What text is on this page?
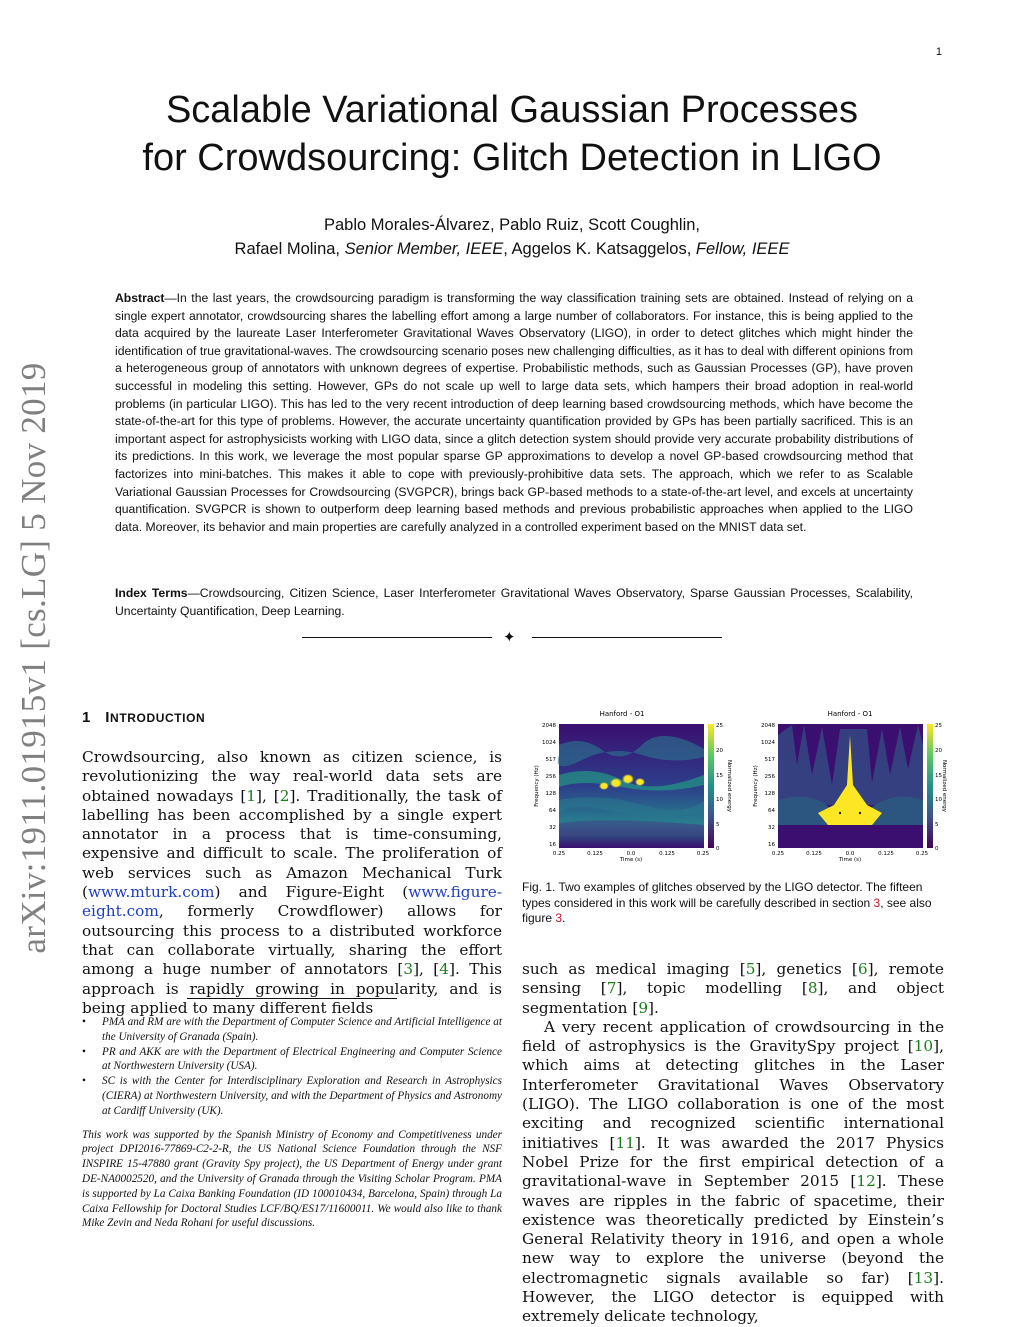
1
arXiv:1911.01915v1 [cs.LG] 5 Nov 2019
Scalable Variational Gaussian Processes
for Crowdsourcing: Glitch Detection in LIGO
Pablo Morales-Álvarez, Pablo Ruiz, Scott Coughlin,
Rafael Molina, Senior Member, IEEE, Aggelos K. Katsaggelos, Fellow, IEEE
Abstract—In the last years, the crowdsourcing paradigm is transforming the way classification training sets are obtained. Instead of relying on a single expert annotator, crowdsourcing shares the labelling effort among a large number of collaborators. For instance, this is being applied to the data acquired by the laureate Laser Interferometer Gravitational Waves Observatory (LIGO), in order to detect glitches which might hinder the identification of true gravitational-waves. The crowdsourcing scenario poses new challenging difficulties, as it has to deal with different opinions from a heterogeneous group of annotators with unknown degrees of expertise. Probabilistic methods, such as Gaussian Processes (GP), have proven successful in modeling this setting. However, GPs do not scale up well to large data sets, which hampers their broad adoption in real-world problems (in particular LIGO). This has led to the very recent introduction of deep learning based crowdsourcing methods, which have become the state-of-the-art for this type of problems. However, the accurate uncertainty quantification provided by GPs has been partially sacrificed. This is an important aspect for astrophysicists working with LIGO data, since a glitch detection system should provide very accurate probability distributions of its predictions. In this work, we leverage the most popular sparse GP approximations to develop a novel GP-based crowdsourcing method that factorizes into mini-batches. This makes it able to cope with previously-prohibitive data sets. The approach, which we refer to as Scalable Variational Gaussian Processes for Crowdsourcing (SVGPCR), brings back GP-based methods to a state-of-the-art level, and excels at uncertainty quantification. SVGPCR is shown to outperform deep learning based methods and previous probabilistic approaches when applied to the LIGO data. Moreover, its behavior and main properties are carefully analyzed in a controlled experiment based on the MNIST data set.
Index Terms—Crowdsourcing, Citizen Science, Laser Interferometer Gravitational Waves Observatory, Sparse Gaussian Processes, Scalability, Uncertainty Quantification, Deep Learning.
✦
1 INTRODUCTION
Crowdsourcing, also known as citizen science, is revolutionizing the way real-world data sets are obtained nowadays [1], [2]. Traditionally, the task of labelling has been accomplished by a single expert annotator in a process that is time-consuming, expensive and difficult to scale. The proliferation of web services such as Amazon Mechanical Turk (www.mturk.com) and Figure-Eight (www.figure-eight.com, formerly Crowdflower) allows for outsourcing this process to a distributed workforce that can collaborate virtually, sharing the effort among a huge number of annotators [3], [4]. This approach is rapidly growing in popularity, and is being applied to many different fields
• PMA and RM are with the Department of Computer Science and Artificial Intelligence at the University of Granada (Spain).
• PR and AKK are with the Department of Electrical Engineering and Computer Science at Northwestern University (USA).
• SC is with the Center for Interdisciplinary Exploration and Research in Astrophysics (CIERA) at Northwestern University, and with the Department of Physics and Astronomy at Cardiff University (UK).
This work was supported by the Spanish Ministry of Economy and Competitiveness under project DPI2016-77869-C2-2-R, the US National Science Foundation through the NSF INSPIRE 15-47880 grant (Gravity Spy project), the US Department of Energy under grant DE-NA0002520, and the University of Granada through the Visiting Scholar Program. PMA is supported by La Caixa Banking Foundation (ID 100010434, Barcelona, Spain) through La Caixa Fellowship for Doctoral Studies LCF/BQ/ES17/11600011. We would also like to thank Mike Zevin and Neda Rohani for useful discussions.
Hanford - O1
2048
1024
517
256
128
64
32
16
Frequency (Hz)
0.25	0.125	0.0	0.125	0.25
Time (s)
25
20
15
10
5
0
Normalized energy
Hanford - O1
2048
1024
517
256
128
64
32
16
Frequency (Hz)
0.25	0.125	0.0	0.125	0.25
Time (s)
25
20
15
10
5
0
Normalized energy
Fig. 1. Two examples of glitches observed by the LIGO detector. The fifteen types considered in this work will be carefully described in section 3, see also figure 3.
such as medical imaging [5], genetics [6], remote sensing [7], topic modelling [8], and object segmentation [9].
A very recent application of crowdsourcing in the field of astrophysics is the GravitySpy project [10], which aims at detecting glitches in the Laser Interferometer Gravitational Waves Observatory (LIGO). The LIGO collaboration is one of the most exciting and recognized scientific international initiatives [11]. It was awarded the 2017 Physics Nobel Prize for the first empirical detection of a gravitational-wave in September 2015 [12]. These waves are ripples in the fabric of spacetime, their existence was theoretically predicted by Einstein’s General Relativity theory in 1916, and open a whole new way to explore the universe (beyond the electromagnetic signals available so far) [13]. However, the LIGO detector is equipped with extremely delicate technology,
